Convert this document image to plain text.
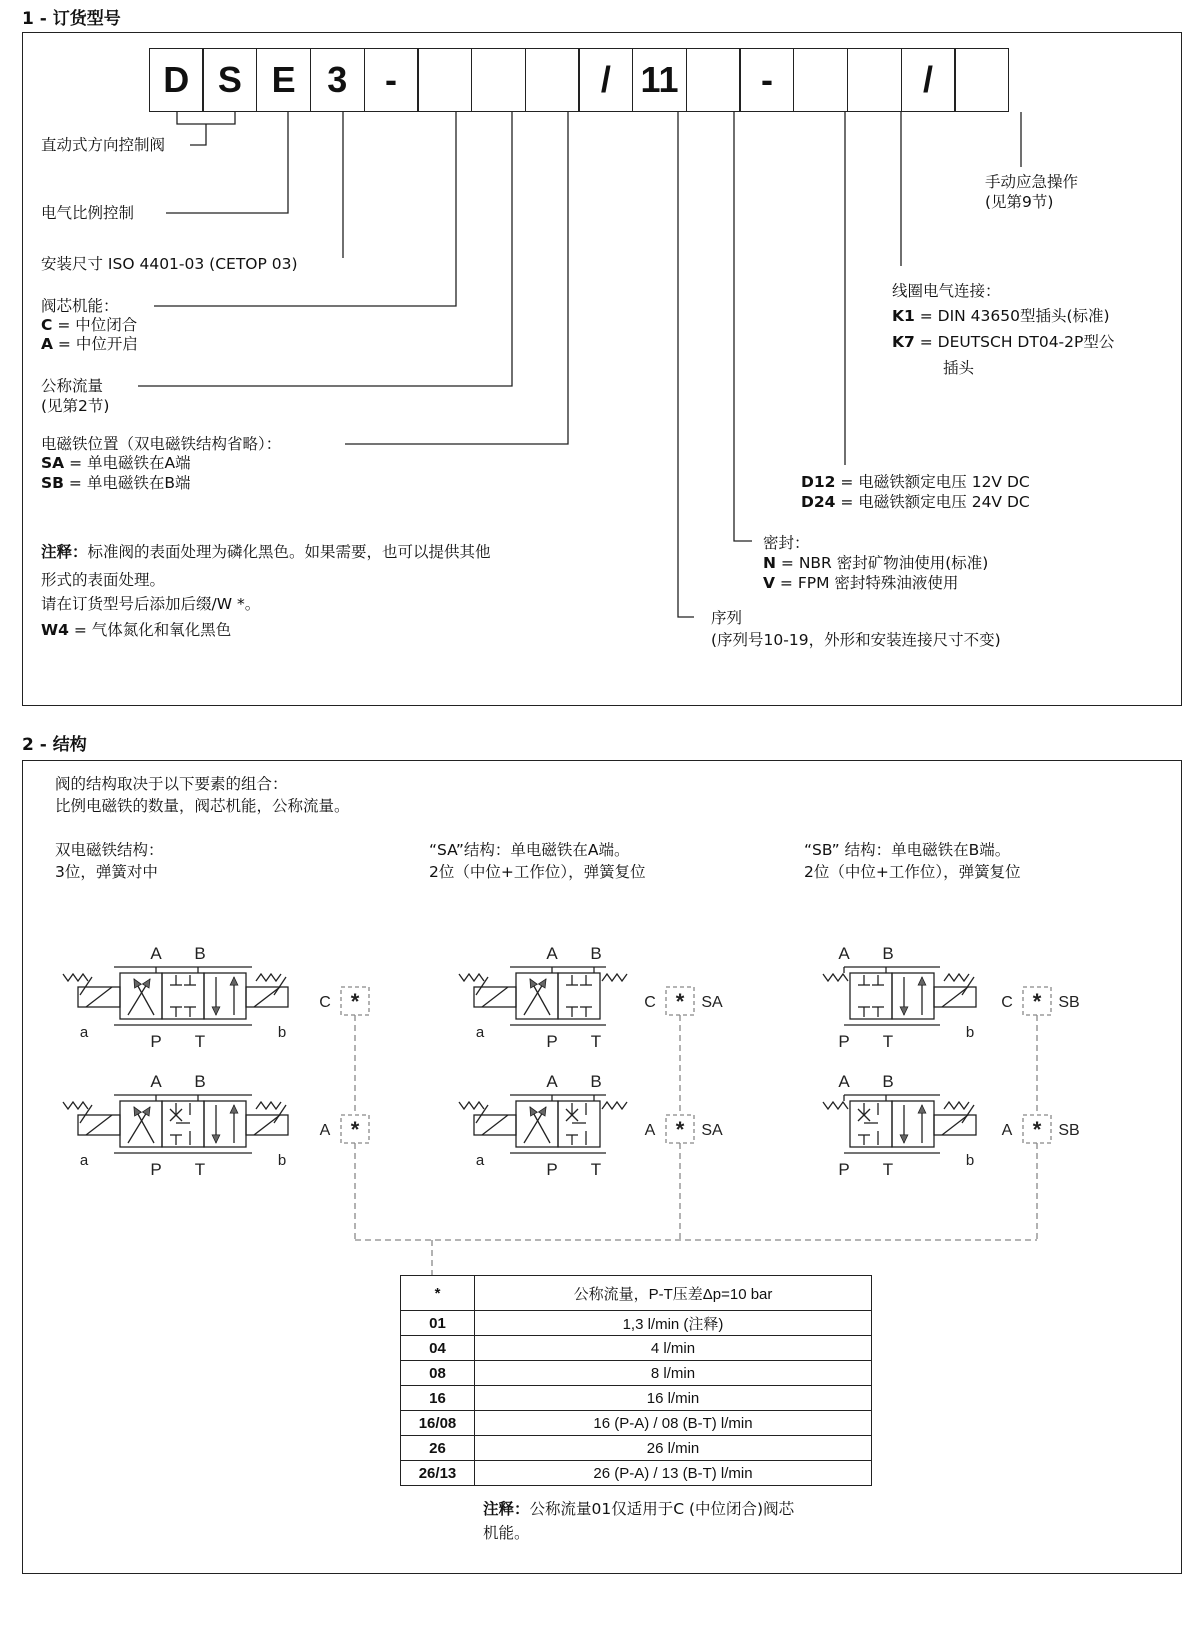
1 - 订货型号
D S E 3	-	/ 11	-	/
直动式方向控制阀
电气比例控制
安装尺寸 ISO 4401-03 (CETOP 03)
阀芯机能：
C = 中位闭合
A = 中位开启
公称流量
(见第2节)
电磁铁位置（双电磁铁结构省略）：
SA = 单电磁铁在A端
SB = 单电磁铁在B端
注释：标准阀的表面处理为磷化黑色。如果需要，也可以提供其他
形式的表面处理。
请在订货型号后添加后缀/W *。
W4 = 气体氮化和氧化黑色
手动应急操作
(见第9节)
线圈电气连接：
K1 = DIN 43650型插头(标准)
K7 = DEUTSCH DT04-2P型公
插头
D12 = 电磁铁额定电压 12V DC
D24 = 电磁铁额定电压 24V DC
密封：
N = NBR 密封矿物油使用(标准)
V = FPM 密封特殊油液使用
序列
(序列号10-19，外形和安装连接尺寸不变)
2 - 结构
阀的结构取决于以下要素的组合：
比例电磁铁的数量，阀芯机能，公称流量。
双电磁铁结构：
3位，弹簧对中
“SA”结构：单电磁铁在A端。
2位（中位+工作位），弹簧复位
“SB” 结构：单电磁铁在B端。
2位（中位+工作位），弹簧复位
A B
P T
a	b
*
C
A B
P T
a	b
*
A
A B
P T
a
*
C	SA
A B
P T
a
*
A	SA
A B
P T	b
*
C	SB
A B
P T	b
*
A	SB
*	公称流量，P-T压差Δp=10 bar
01	1,3 l/min (注释)
04	4 l/min
08	8 l/min
16	16 l/min
16/08	16 (P-A) / 08 (B-T) l/min
26	26 l/min
26/13	26 (P-A) / 13 (B-T) l/min
注释：公称流量01仅适用于C (中位闭合)阀芯
机能。
